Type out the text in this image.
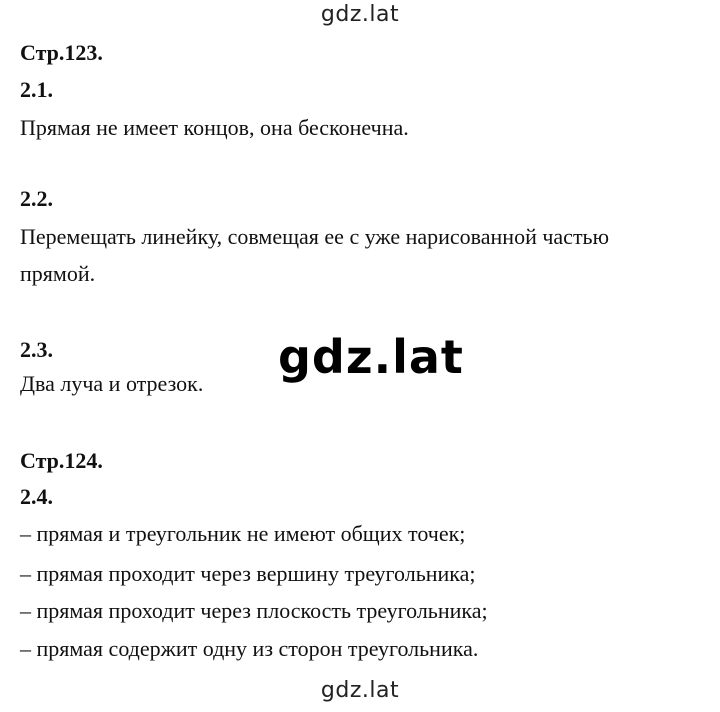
gdz.lat
Стр.123.
2.1.
Прямая не имеет концов, она бесконечна.
2.2.
Перемещать линейку, совмещая ее с уже нарисованной частью
прямой.
2.3.
Два луча и отрезок. gdz.lat
Стр.124.
2.4.
– прямая и треугольник не имеют общих точек;
– прямая проходит через вершину треугольника;
– прямая проходит через плоскость треугольника;
– прямая содержит одну из сторон треугольника.
gdz.lat
